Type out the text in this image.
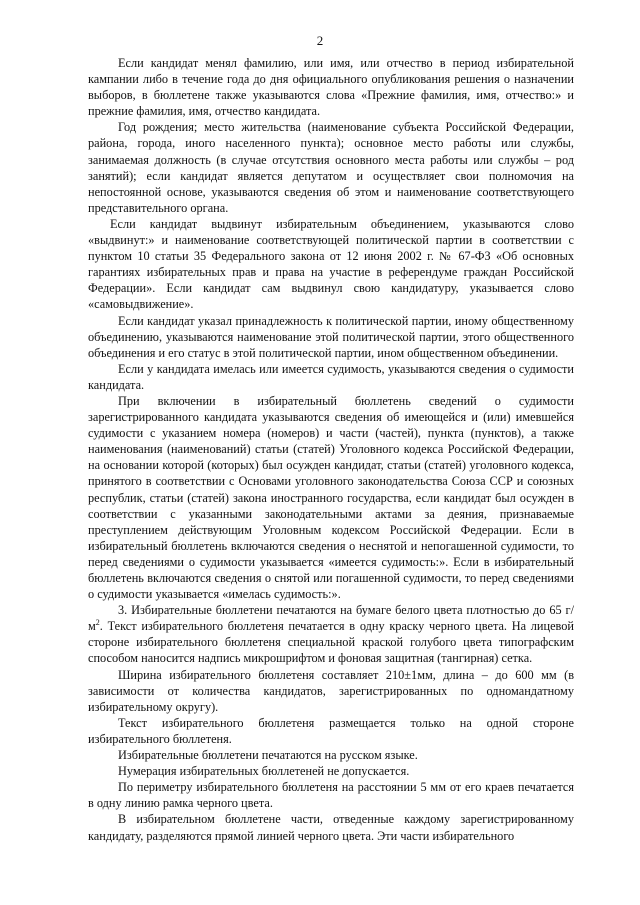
2

Если кандидат менял фамилию, или имя, или отчество в период избирательной кампании либо в течение года до дня официального опубликования решения о назначении выборов, в бюллетене также указываются слова «Прежние фамилия, имя, отчество:» и прежние фамилия, имя, отчество кандидата.

Год рождения; место жительства (наименование субъекта Российской Федерации, района, города, иного населенного пункта); основное место работы или службы, занимаемая должность (в случае отсутствия основного места работы или службы – род занятий); если кандидат является депутатом и осуществляет свои полномочия на непостоянной основе, указываются сведения об этом и наименование соответствующего представительного органа.

Если кандидат выдвинут избирательным объединением, указываются слово «выдвинут:» и наименование соответствующей политической партии в соответствии с пунктом 10 статьи 35 Федерального закона от 12 июня 2002 г. № 67-ФЗ «Об основных гарантиях избирательных прав и права на участие в референдуме граждан Российской Федерации». Если кандидат сам выдвинул свою кандидатуру, указывается слово «самовыдвижение».

Если кандидат указал принадлежность к политической партии, иному общественному объединению, указываются наименование этой политической партии, этого общественного объединения и его статус в этой политической партии, ином общественном объединении.

Если у кандидата имелась или имеется судимость, указываются сведения о судимости кандидата.

При включении в избирательный бюллетень сведений о судимости зарегистрированного кандидата указываются сведения об имеющейся и (или) имевшейся судимости с указанием номера (номеров) и части (частей), пункта (пунктов), а также наименования (наименований) статьи (статей) Уголовного кодекса Российской Федерации, на основании которой (которых) был осужден кандидат, статьи (статей) уголовного кодекса, принятого в соответствии с Основами уголовного законодательства Союза ССР и союзных республик, статьи (статей) закона иностранного государства, если кандидат был осужден в соответствии с указанными законодательными актами за деяния, признаваемые преступлением действующим Уголовным кодексом Российской Федерации. Если в избирательный бюллетень включаются сведения о неснятой и непогашенной судимости, то перед сведениями о судимости указывается «имеется судимость:». Если в избирательный бюллетень включаются сведения о снятой или погашенной судимости, то перед сведениями о судимости указывается «имелась судимость:».

3. Избирательные бюллетени печатаются на бумаге белого цвета плотностью до 65 $г/м^2$. Текст избирательного бюллетеня печатается в одну краску черного цвета. На лицевой стороне избирательного бюллетеня специальной краской голубого цвета типографским способом наносится надпись микрошрифтом и фоновая защитная (тангирная) сетка.

Ширина избирательного бюллетеня составляет 210±1мм, длина – до 600 мм (в зависимости от количества кандидатов, зарегистрированных по одномандатному избирательному округу).

Текст избирательного бюллетеня размещается только на одной стороне избирательного бюллетеня.

Избирательные бюллетени печатаются на русском языке.

Нумерация избирательных бюллетеней не допускается.

По периметру избирательного бюллетеня на расстоянии 5 мм от его краев печатается в одну линию рамка черного цвета.

В избирательном бюллетене части, отведенные каждому зарегистрированному кандидату, разделяются прямой линией черного цвета. Эти части избирательного
